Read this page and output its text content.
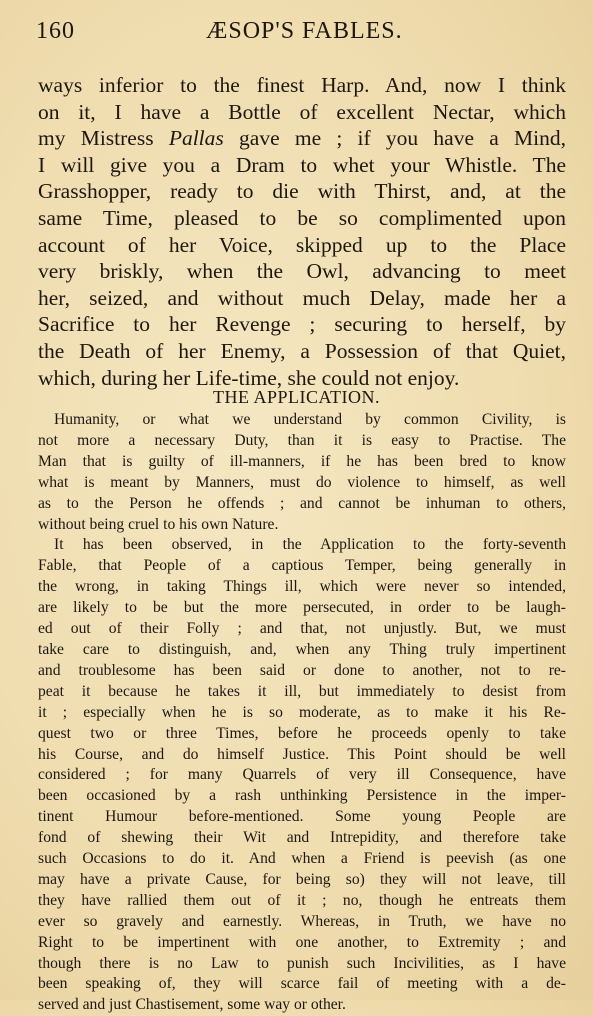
160	ÆSOP'S FABLES.
ways inferior to the finest Harp. And, now I think
on it, I have a Bottle of excellent Nectar, which
my Mistress Pallas gave me ; if you have a Mind,
I will give you a Dram to whet your Whistle. The
Grasshopper, ready to die with Thirst, and, at the
same Time, pleased to be so complimented upon
account of her Voice, skipped up to the Place
very briskly, when the Owl, advancing to meet
her, seized, and without much Delay, made her a
Sacrifice to her Revenge ; securing to herself, by
the Death of her Enemy, a Possession of that Quiet,
which, during her Life-time, she could not enjoy.
THE APPLICATION.
Humanity, or what we understand by common Civility, is
not more a necessary Duty, than it is easy to Practise. The
Man that is guilty of ill-manners, if he has been bred to know
what is meant by Manners, must do violence to himself, as well
as to the Person he offends ; and cannot be inhuman to others,
without being cruel to his own Nature.
It has been observed, in the Application to the forty-seventh
Fable, that People of a captious Temper, being generally in
the wrong, in taking Things ill, which were never so intended,
are likely to be but the more persecuted, in order to be laugh-
ed out of their Folly ; and that, not unjustly. But, we must
take care to distinguish, and, when any Thing truly impertinent
and troublesome has been said or done to another, not to re-
peat it because he takes it ill, but immediately to desist from
it ; especially when he is so moderate, as to make it his Re-
quest two or three Times, before he proceeds openly to take
his Course, and do himself Justice. This Point should be well
considered ; for many Quarrels of very ill Consequence, have
been occasioned by a rash unthinking Persistence in the imper-
tinent Humour before-mentioned. Some young People are
fond of shewing their Wit and Intrepidity, and therefore take
such Occasions to do it. And when a Friend is peevish (as one
may have a private Cause, for being so) they will not leave, till
they have rallied them out of it ; no, though he entreats them
ever so gravely and earnestly. Whereas, in Truth, we have no
Right to be impertinent with one another, to Extremity ; and
though there is no Law to punish such Incivilities, as I have
been speaking of, they will scarce fail of meeting with a de-
served and just Chastisement, some way or other.
